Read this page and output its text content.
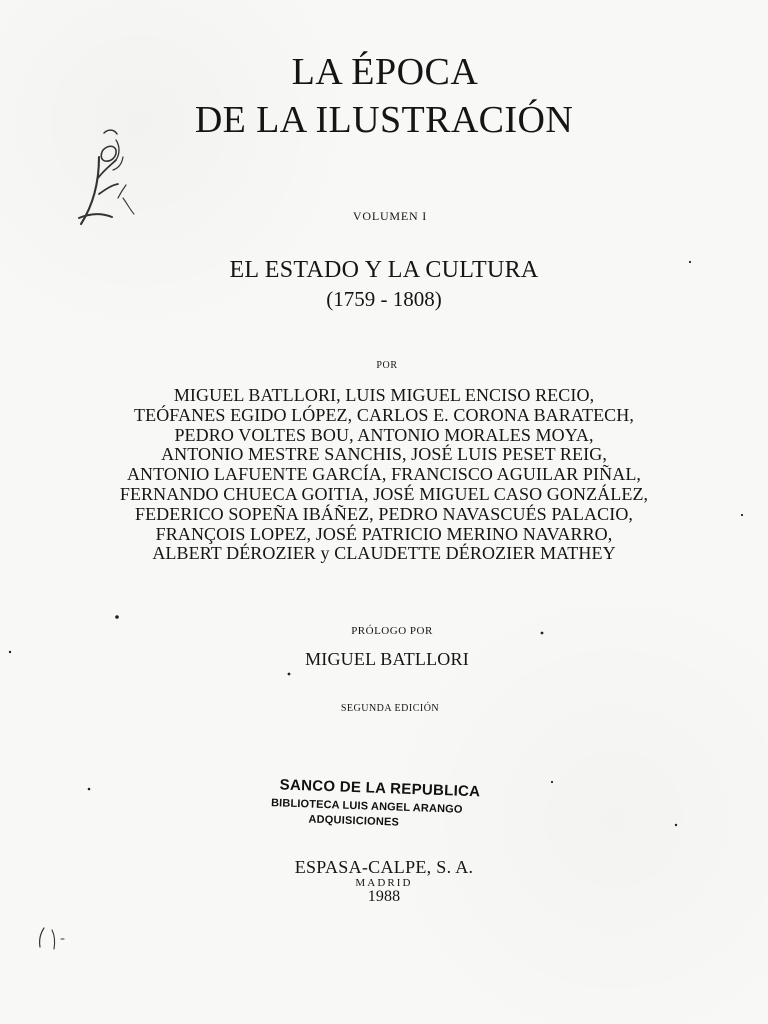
LA ÉPOCA
DE LA ILUSTRACIÓN
VOLUMEN I
EL ESTADO Y LA CULTURA
(1759 - 1808)
POR
MIGUEL BATLLORI, LUIS MIGUEL ENCISO RECIO,
TEÓFANES EGIDO LÓPEZ, CARLOS E. CORONA BARATECH,
PEDRO VOLTES BOU, ANTONIO MORALES MOYA,
ANTONIO MESTRE SANCHIS, JOSÉ LUIS PESET REIG,
ANTONIO LAFUENTE GARCÍA, FRANCISCO AGUILAR PIÑAL,
FERNANDO CHUECA GOITIA, JOSÉ MIGUEL CASO GONZÁLEZ,
FEDERICO SOPEÑA IBÁÑEZ, PEDRO NAVASCUÉS PALACIO,
FRANÇOIS LOPEZ, JOSÉ PATRICIO MERINO NAVARRO,
ALBERT DÉROZIER y CLAUDETTE DÉROZIER MATHEY
PRÓLOGO POR
MIGUEL BATLLORI
SEGUNDA EDICIÓN
SANCO DE LA REPUBLICA
BIBLIOTECA LUIS ANGEL ARANGO
ADQUISICIONES
ESPASA-CALPE, S. A.
MADRID
1988
